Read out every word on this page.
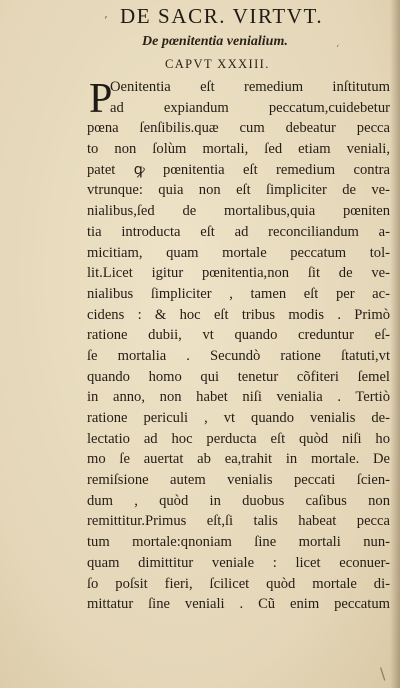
’
‘
\
DE SACR. VIRTVT.
De pœnitentia venialium.
CAPVT XXXIII.
P
Oenitentia eſt remedium inſtitutum
ad expiandum peccatum,cuidebetur
pœna ſenſibilis.quæ cum debeatur pecca
to non ſolùm mortali, ſed etiam veniali,
patet ꝙ pœnitentia eſt remedium contra
vtrunque: quia non eſt ſimpliciter de ve-
nialibus,ſed de mortalibus,quia pœniten
tia introducta eſt ad reconciliandum a-
micitiam, quam mortale peccatum tol-
lit.Licet igitur pœnitentia,non ſit de ve-
nialibus ſimpliciter , tamen eſt per ac-
cidens : & hoc eſt tribus modis . Primò
ratione dubii, vt quando creduntur eſ-
ſe mortalia . Secundò ratione ſtatuti,vt
quando homo qui tenetur cõfiteri ſemel
in anno, non habet niſi venialia . Tertiò
ratione periculi , vt quando venialis de-
lectatio ad hoc perducta eſt quòd niſi ho
mo ſe auertat ab ea,trahit in mortale. De
remiſsione autem venialis peccati ſcien-
dum , quòd in duobus caſibus non
remittitur.Primus eſt,ſi talis habeat pecca
tum mortale:qnoniam ſine mortali nun-
quam dimittitur veniale : licet econuer-
ſo poſsit fieri, ſcilicet quòd mortale di-
mittatur ſine veniali . Cũ enim peccatum
